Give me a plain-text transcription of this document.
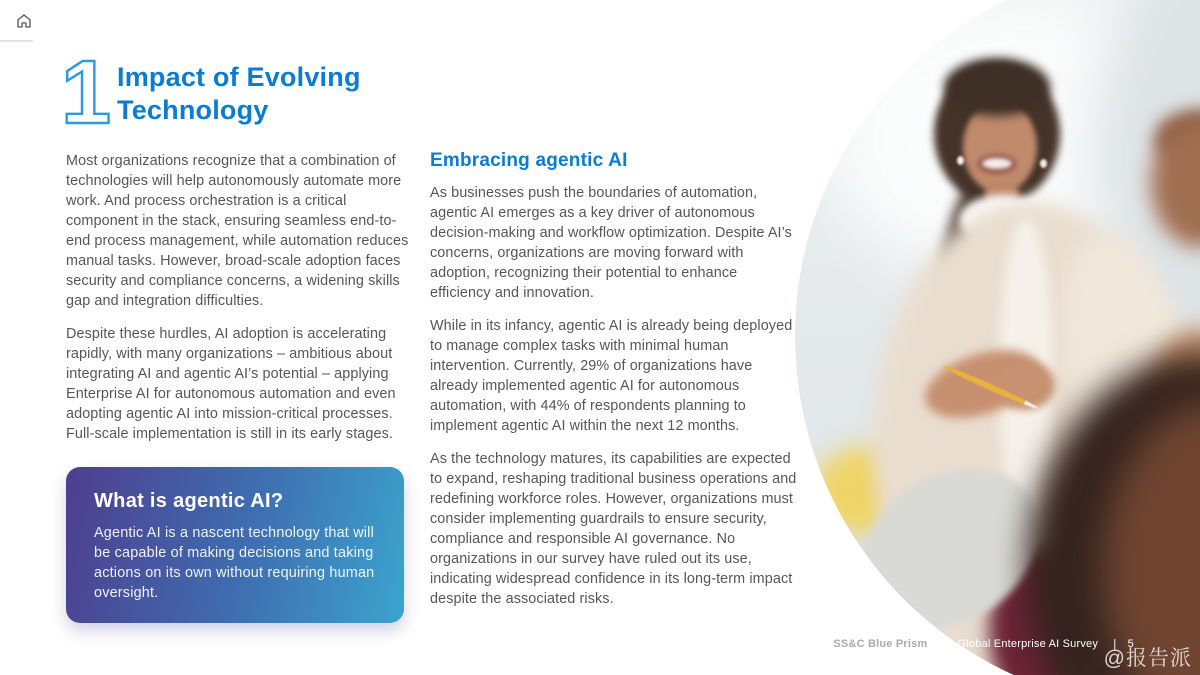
1 Impact of Evolving Technology

Most organizations recognize that a combination of technologies will help autonomously automate more work. And process orchestration is a critical component in the stack, ensuring seamless end-to-end process management, while automation reduces manual tasks. However, broad-scale adoption faces security and compliance concerns, a widening skills gap and integration difficulties.

Despite these hurdles, AI adoption is accelerating rapidly, with many organizations – ambitious about integrating AI and agentic AI’s potential – applying Enterprise AI for autonomous automation and even adopting agentic AI into mission-critical processes. Full-scale implementation is still in its early stages.

What is agentic AI?

Agentic AI is a nascent technology that will be capable of making decisions and taking actions on its own without requiring human oversight.

Embracing agentic AI

As businesses push the boundaries of automation, agentic AI emerges as a key driver of autonomous decision-making and workflow optimization. Despite AI’s concerns, organizations are moving forward with adoption, recognizing their potential to enhance efficiency and innovation.

While in its infancy, agentic AI is already being deployed to manage complex tasks with minimal human intervention. Currently, 29% of organizations have already implemented agentic AI for autonomous automation, with 44% of respondents planning to implement agentic AI within the next 12 months.

As the technology matures, its capabilities are expected to expand, reshaping traditional business operations and redefining workforce roles. However, organizations must consider implementing guardrails to ensure security, compliance and responsible AI governance. No organizations in our survey have ruled out its use, indicating widespread confidence in its long-term impact despite the associated risks.

SS&C Blue Prism The Global Enterprise AI Survey | 5
@报告派
